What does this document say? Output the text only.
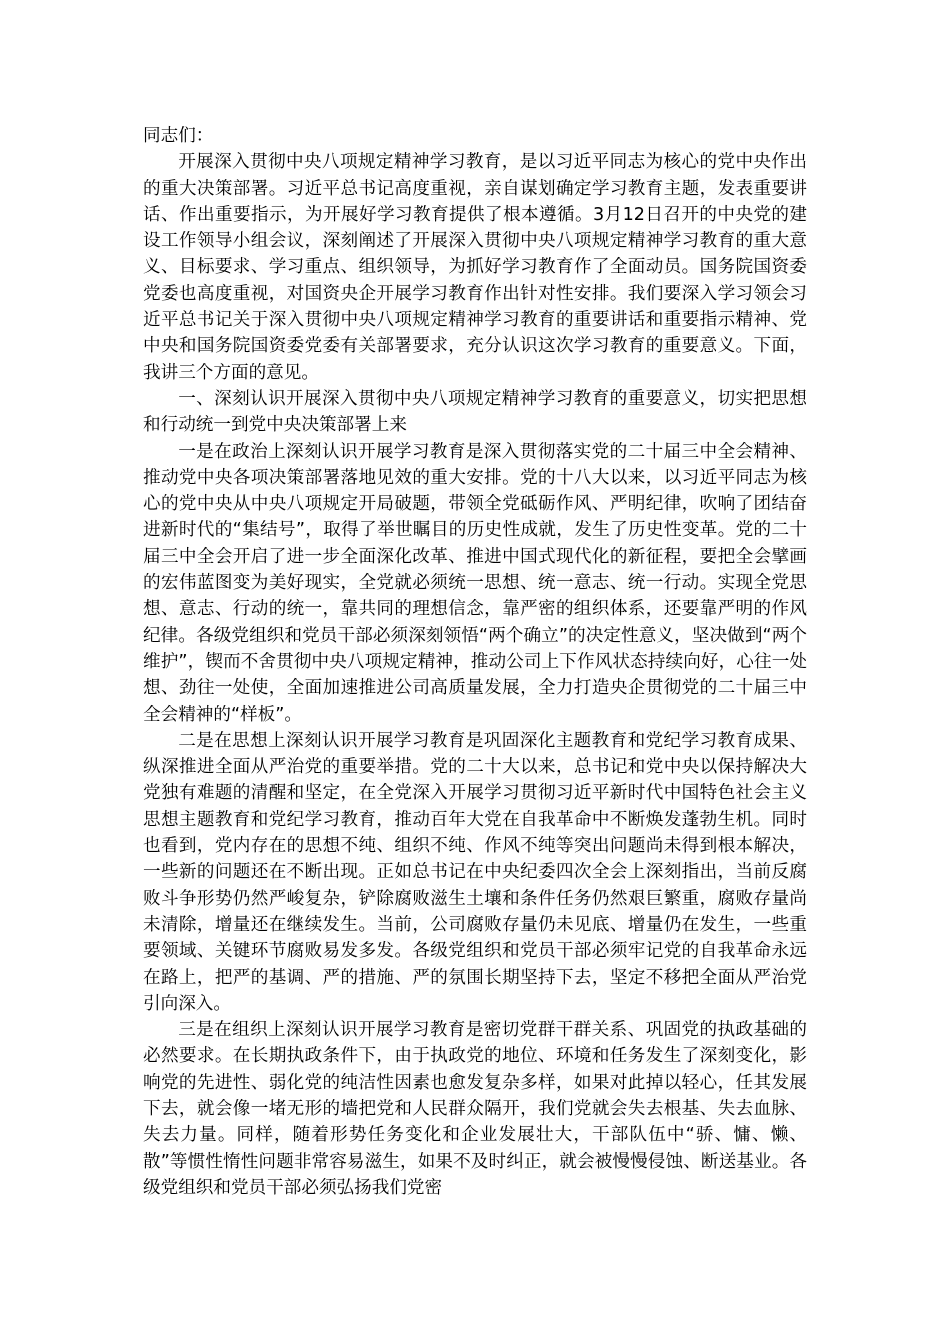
同志们：

开展深入贯彻中央八项规定精神学习教育，是以习近平同志为核心的党中央作出的重大决策部署。习近平总书记高度重视，亲自谋划确定学习教育主题，发表重要讲话、作出重要指示，为开展好学习教育提供了根本遵循。3月12日召开的中央党的建设工作领导小组会议，深刻阐述了开展深入贯彻中央八项规定精神学习教育的重大意义、目标要求、学习重点、组织领导，为抓好学习教育作了全面动员。国务院国资委党委也高度重视，对国资央企开展学习教育作出针对性安排。我们要深入学习领会习近平总书记关于深入贯彻中央八项规定精神学习教育的重要讲话和重要指示精神、党中央和国务院国资委党委有关部署要求，充分认识这次学习教育的重要意义。下面，我讲三个方面的意见。

一、深刻认识开展深入贯彻中央八项规定精神学习教育的重要意义，切实把思想和行动统一到党中央决策部署上来

一是在政治上深刻认识开展学习教育是深入贯彻落实党的二十届三中全会精神、推动党中央各项决策部署落地见效的重大安排。党的十八大以来，以习近平同志为核心的党中央从中央八项规定开局破题，带领全党砥砺作风、严明纪律，吹响了团结奋进新时代的“集结号”，取得了举世瞩目的历史性成就，发生了历史性变革。党的二十届三中全会开启了进一步全面深化改革、推进中国式现代化的新征程，要把全会擘画的宏伟蓝图变为美好现实，全党就必须统一思想、统一意志、统一行动。实现全党思想、意志、行动的统一，靠共同的理想信念，靠严密的组织体系，还要靠严明的作风纪律。各级党组织和党员干部必须深刻领悟“两个确立”的决定性意义，坚决做到“两个维护”，锲而不舍贯彻中央八项规定精神，推动公司上下作风状态持续向好，心往一处想、劲往一处使，全面加速推进公司高质量发展，全力打造央企贯彻党的二十届三中全会精神的“样板”。

二是在思想上深刻认识开展学习教育是巩固深化主题教育和党纪学习教育成果、纵深推进全面从严治党的重要举措。党的二十大以来，总书记和党中央以保持解决大党独有难题的清醒和坚定，在全党深入开展学习贯彻习近平新时代中国特色社会主义思想主题教育和党纪学习教育，推动百年大党在自我革命中不断焕发蓬勃生机。同时也看到，党内存在的思想不纯、组织不纯、作风不纯等突出问题尚未得到根本解决，一些新的问题还在不断出现。正如总书记在中央纪委四次全会上深刻指出，当前反腐败斗争形势仍然严峻复杂，铲除腐败滋生土壤和条件任务仍然艰巨繁重，腐败存量尚未清除，增量还在继续发生。当前，公司腐败存量仍未见底、增量仍在发生，一些重要领域、关键环节腐败易发多发。各级党组织和党员干部必须牢记党的自我革命永远在路上，把严的基调、严的措施、严的氛围长期坚持下去，坚定不移把全面从严治党引向深入。

三是在组织上深刻认识开展学习教育是密切党群干群关系、巩固党的执政基础的必然要求。在长期执政条件下，由于执政党的地位、环境和任务发生了深刻变化，影响党的先进性、弱化党的纯洁性因素也愈发复杂多样，如果对此掉以轻心，任其发展下去，就会像一堵无形的墙把党和人民群众隔开，我们党就会失去根基、失去血脉、失去力量。同样，随着形势任务变化和企业发展壮大，干部队伍中“骄、慵、懒、散”等惯性惰性问题非常容易滋生，如果不及时纠正，就会被慢慢侵蚀、断送基业。各级党组织和党员干部必须弘扬我们党密
